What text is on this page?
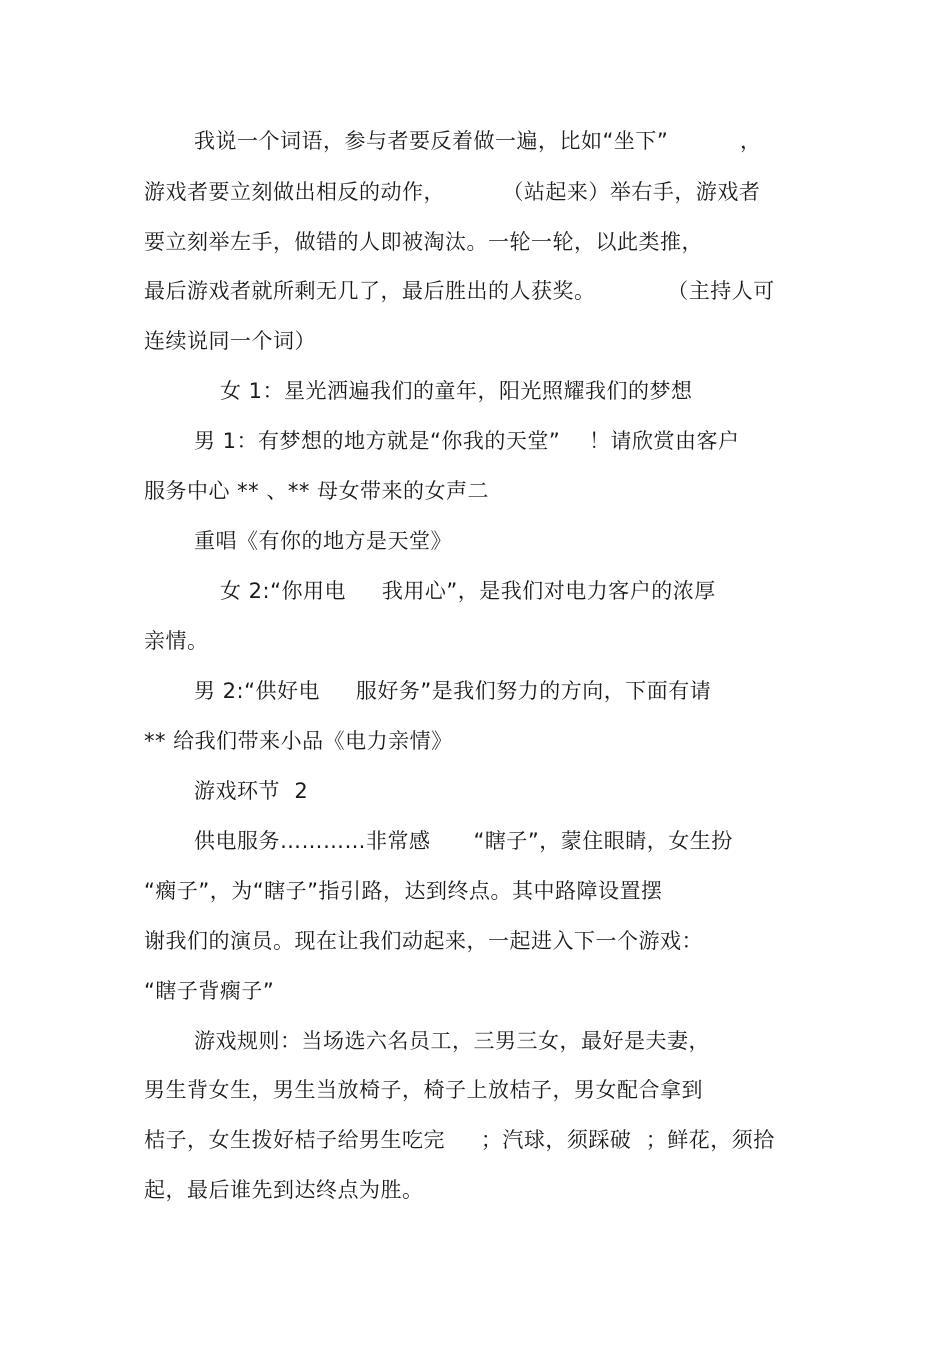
我说一个词语，参与者要反着做一遍，比如“坐下”          ，
游戏者要立刻做出相反的动作，        （站起来）举右手，游戏者
要立刻举左手，做错的人即被淘汰。一轮一轮，以此类推，
最后游戏者就所剩无几了，最后胜出的人获奖。          （主持人可
连续说同一个词）
女 1：星光洒遍我们的童年，阳光照耀我们的梦想
男 1：有梦想的地方就是“你我的天堂”    ！请欣赏由客户
服务中心 ** 、** 母女带来的女声二
重唱《有你的地方是天堂》
女 2:“你用电     我用心”，是我们对电力客户的浓厚
亲情。
男 2:“供好电     服好务”是我们努力的方向，下面有请
** 给我们带来小品《电力亲情》
游戏环节  2
供电服务…………非常感      “瞎子”，蒙住眼睛，女生扮
“瘸子”，为“瞎子”指引路，达到终点。其中路障设置摆
谢我们的演员。现在让我们动起来，一起进入下一个游戏：
“瞎子背瘸子”
游戏规则：当场选六名员工，三男三女，最好是夫妻，
男生背女生，男生当放椅子，椅子上放桔子，男女配合拿到
桔子，女生拨好桔子给男生吃完     ；汽球，须踩破  ；鲜花，须拾
起，最后谁先到达终点为胜。
